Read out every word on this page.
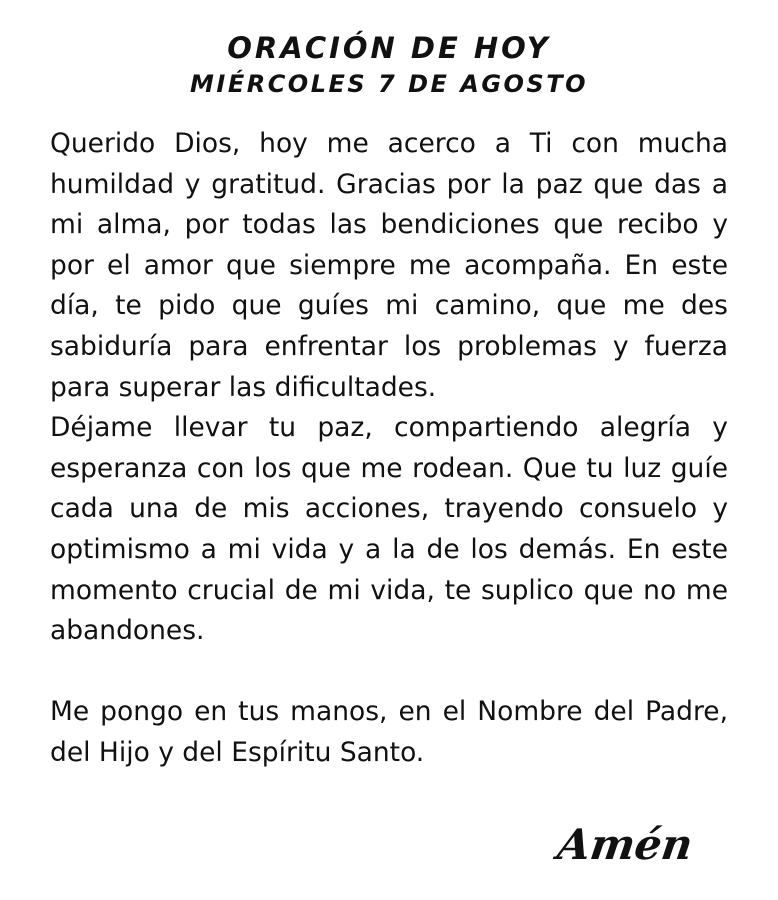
ORACIÓN DE HOY
MIÉRCOLES 7 DE AGOSTO

Querido Dios, hoy me acerco a Ti con mucha humildad y gratitud. Gracias por la paz que das a mi alma, por todas las bendiciones que recibo y por el amor que siempre me acompaña. En este día, te pido que guíes mi camino, que me des sabiduría para enfrentar los problemas y fuerza para superar las dificultades.

Déjame llevar tu paz, compartiendo alegría y esperanza con los que me rodean. Que tu luz guíe cada una de mis acciones, trayendo consuelo y optimismo a mi vida y a la de los demás. En este momento crucial de mi vida, te suplico que no me abandones.

Me pongo en tus manos, en el Nombre del Padre, del Hijo y del Espíritu Santo.

Amén
